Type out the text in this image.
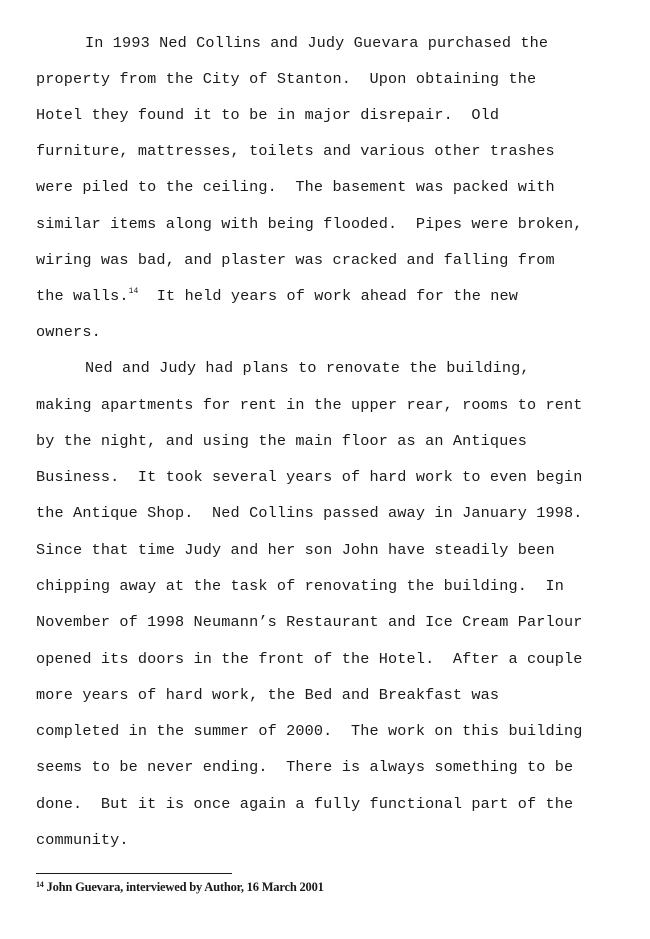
In 1993 Ned Collins and Judy Guevara purchased the
property from the City of Stanton.  Upon obtaining the
Hotel they found it to be in major disrepair.  Old
furniture, mattresses, toilets and various other trashes
were piled to the ceiling.  The basement was packed with
similar items along with being flooded.  Pipes were broken,
wiring was bad, and plaster was cracked and falling from
the walls.$^{14}$  It held years of work ahead for the new
owners.
Ned and Judy had plans to renovate the building,
making apartments for rent in the upper rear, rooms to rent
by the night, and using the main floor as an Antiques
Business.  It took several years of hard work to even begin
the Antique Shop.  Ned Collins passed away in January 1998.
Since that time Judy and her son John have steadily been
chipping away at the task of renovating the building.  In
November of 1998 Neumann’s Restaurant and Ice Cream Parlour
opened its doors in the front of the Hotel.  After a couple
more years of hard work, the Bed and Breakfast was
completed in the summer of 2000.  The work on this building
seems to be never ending.  There is always something to be
done.  But it is once again a fully functional part of the
community.
$^{14}$ John Guevara, interviewed by Author, 16 March 2001
